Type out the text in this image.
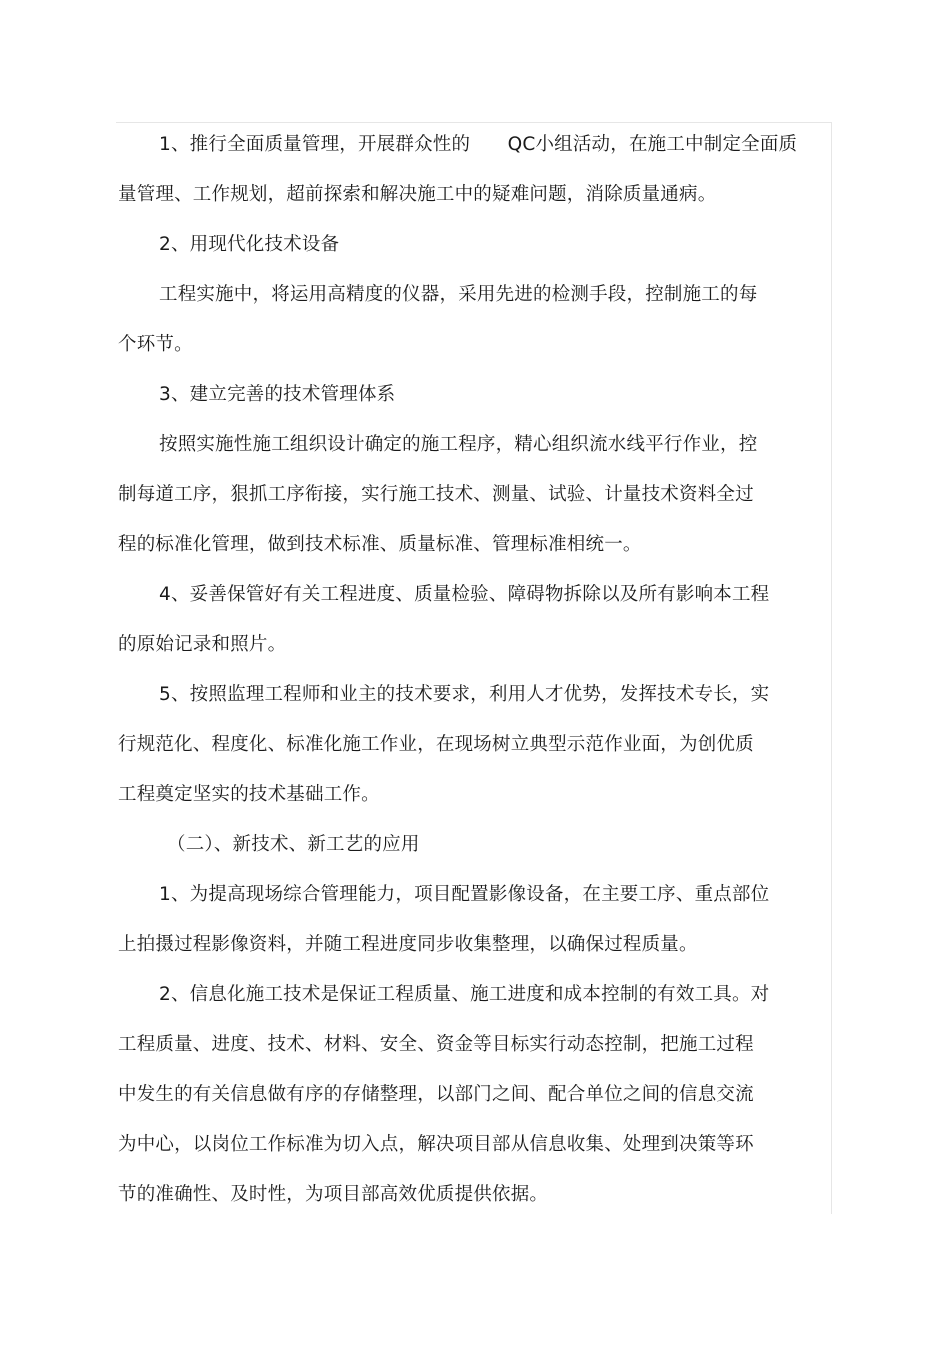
1、推行全面质量管理，开展群众性的　　QC小组活动，在施工中制定全面质
量管理、工作规划，超前探索和解决施工中的疑难问题，消除质量通病。
2、用现代化技术设备
工程实施中，将运用高精度的仪器，采用先进的检测手段，控制施工的每
个环节。
3、建立完善的技术管理体系
按照实施性施工组织设计确定的施工程序，精心组织流水线平行作业，控
制每道工序，狠抓工序衔接，实行施工技术、测量、试验、计量技术资料全过
程的标准化管理，做到技术标准、质量标准、管理标准相统一。
4、妥善保管好有关工程进度、质量检验、障碍物拆除以及所有影响本工程
的原始记录和照片。
5、按照监理工程师和业主的技术要求，利用人才优势，发挥技术专长，实
行规范化、程度化、标准化施工作业，在现场树立典型示范作业面，为创优质
工程奠定坚实的技术基础工作。
（二）、新技术、新工艺的应用
1、为提高现场综合管理能力，项目配置影像设备，在主要工序、重点部位
上拍摄过程影像资料，并随工程进度同步收集整理，以确保过程质量。
2、信息化施工技术是保证工程质量、施工进度和成本控制的有效工具。对
工程质量、进度、技术、材料、安全、资金等目标实行动态控制，把施工过程
中发生的有关信息做有序的存储整理，以部门之间、配合单位之间的信息交流
为中心，以岗位工作标准为切入点，解决项目部从信息收集、处理到决策等环
节的准确性、及时性，为项目部高效优质提供依据。
